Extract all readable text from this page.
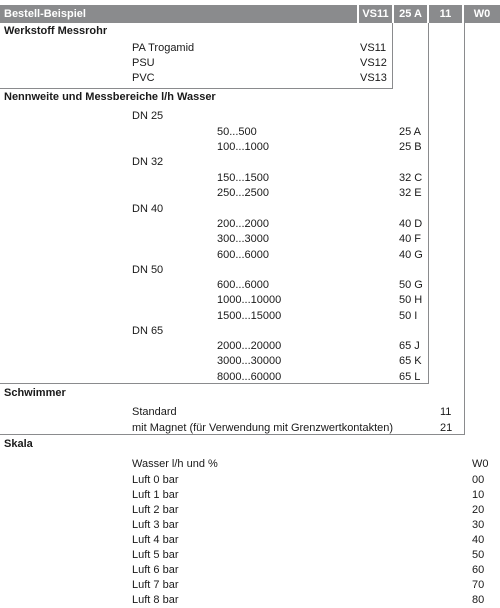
Bestell-Beispiel	VS11 25 A	11	W0
Werkstoff Messrohr
PA Trogamid	VS11
PSU	VS12
PVC	VS13
Nennweite und Messbereiche l/h Wasser
DN 25
50...500	25 A
100...1000	25 B
DN 32
150...1500	32 C
250...2500	32 E
DN 40
200...2000	40 D
300...3000	40 F
600...6000	40 G
DN 50
600...6000	50 G
1000...10000	50 H
1500...15000	50 I
DN 65
2000...20000	65 J
3000...30000	65 K
8000...60000	65 L
Schwimmer
Standard	11
mit Magnet (für Verwendung mit Grenzwertkontakten)	21
Skala
Wasser l/h und %	W0
Luft 0 bar	00
Luft 1 bar	10
Luft 2 bar	20
Luft 3 bar	30
Luft 4 bar	40
Luft 5 bar	50
Luft 6 bar	60
Luft 7 bar	70
Luft 8 bar	80
